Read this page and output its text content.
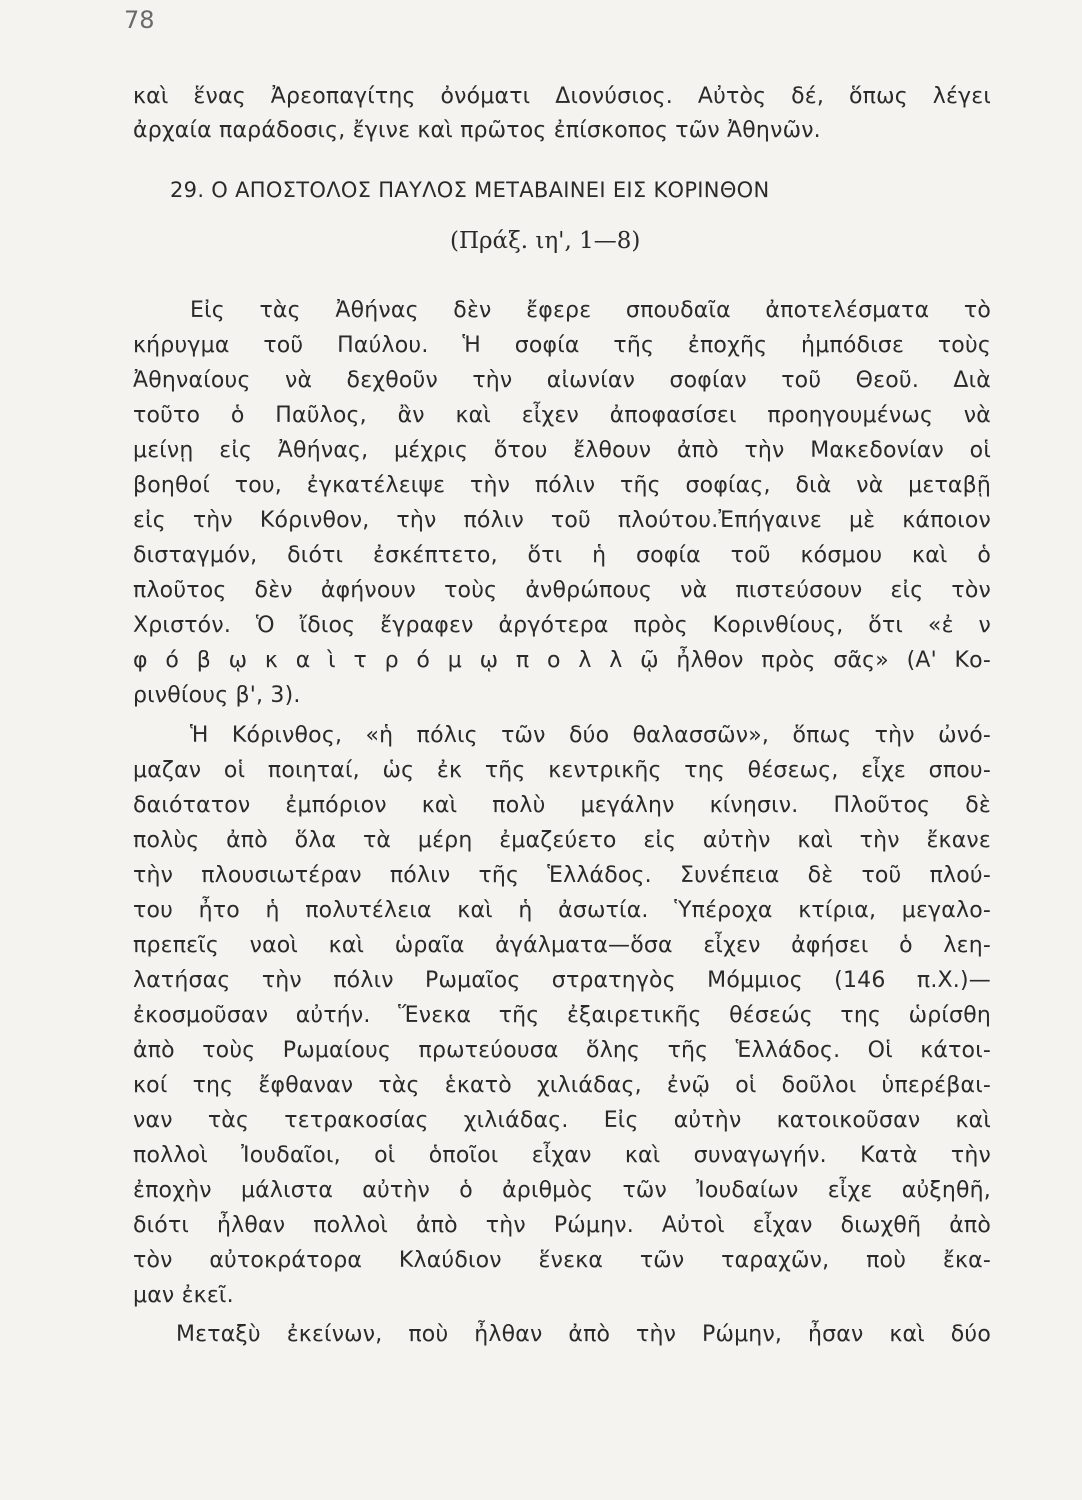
78
καὶ ἕνας Ἀρεοπαγίτης ὀνόματι Διονύσιος. Αὐτὸς δέ, ὅπως λέγει
ἀρχαία παράδοσις, ἔγινε καὶ πρῶτος ἐπίσκοπος τῶν Ἀθηνῶν.
29. Ο ΑΠΟΣΤΟΛΟΣ ΠΑΥΛΟΣ ΜΕΤΑΒΑΙΝΕΙ ΕΙΣ ΚΟΡΙΝΘΟΝ
(Πράξ. ιη', 1—8)
Εἰς τὰς Ἀθήνας δὲν ἔφερε σπουδαῖα ἀποτελέσματα τὸ
κήρυγμα τοῦ Παύλου. Ἡ σοφία τῆς ἐποχῆς ἠμπόδισε τοὺς
Ἀθηναίους νὰ δεχθοῦν τὴν αἰωνίαν σοφίαν τοῦ Θεοῦ. Διὰ
τοῦτο ὁ Παῦλος, ἂν καὶ εἶχεν ἀποφασίσει προηγουμένως νὰ
μείνῃ εἰς Ἀθήνας, μέχρις ὅτου ἔλθουν ἀπὸ τὴν Μακεδονίαν οἱ
βοηθοί του, ἐγκατέλειψε τὴν πόλιν τῆς σοφίας, διὰ νὰ μεταβῇ
εἰς τὴν Κόρινθον, τὴν πόλιν τοῦ πλούτου.Ἐπήγαινε μὲ κάποιον
δισταγμόν, διότι ἐσκέπτετο, ὅτι ἡ σοφία τοῦ κόσμου καὶ ὁ
πλοῦτος δὲν ἀφήνουν τοὺς ἀνθρώπους νὰ πιστεύσουν εἰς τὸν
Χριστόν. Ὁ ἴδιος ἔγραφεν ἀργότερα πρὸς Κορινθίους, ὅτι «ἐ ν
φ ό β ῳ κ α ὶ τ ρ ό μ ῳ π ο λ λ ῷ ἦλθον πρὸς σᾶς» (Α' Κο-
ρινθίους β', 3).
Ἡ Κόρινθος, «ἡ πόλις τῶν δύο θαλασσῶν», ὅπως τὴν ὠνό-
μαζαν οἱ ποιηταί, ὡς ἐκ τῆς κεντρικῆς της θέσεως, εἶχε σπου-
δαιότατον ἐμπόριον καὶ πολὺ μεγάλην κίνησιν. Πλοῦτος δὲ
πολὺς ἀπὸ ὅλα τὰ μέρη ἐμαζεύετο εἰς αὐτὴν καὶ τὴν ἔκανε
τὴν πλουσιωτέραν πόλιν τῆς Ἑλλάδος. Συνέπεια δὲ τοῦ πλού-
του ἦτο ἡ πολυτέλεια καὶ ἡ ἀσωτία. Ὑπέροχα κτίρια, μεγαλο-
πρεπεῖς ναοὶ καὶ ὡραῖα ἀγάλματα—ὅσα εἶχεν ἀφήσει ὁ λεη-
λατήσας τὴν πόλιν Ρωμαῖος στρατηγὸς Μόμμιος (146 π.Χ.)—
ἐκοσμοῦσαν αὐτήν. Ἕνεκα τῆς ἐξαιρετικῆς θέσεώς της ὡρίσθη
ἀπὸ τοὺς Ρωμαίους πρωτεύουσα ὅλης τῆς Ἑλλάδος. Οἱ κάτοι-
κοί της ἔφθαναν τὰς ἑκατὸ χιλιάδας, ἐνῷ οἱ δοῦλοι ὑπερέβαι-
ναν τὰς τετρακοσίας χιλιάδας. Εἰς αὐτὴν κατοικοῦσαν καὶ
πολλοὶ Ἰουδαῖοι, οἱ ὁποῖοι εἶχαν καὶ συναγωγήν. Κατὰ τὴν
ἐποχὴν μάλιστα αὐτὴν ὁ ἀριθμὸς τῶν Ἰουδαίων εἶχε αὐξηθῆ,
διότι ἦλθαν πολλοὶ ἀπὸ τὴν Ρώμην. Αὐτοὶ εἶχαν διωχθῆ ἀπὸ
τὸν αὐτοκράτορα Κλαύδιον ἕνεκα τῶν ταραχῶν, ποὺ ἔκα-
μαν ἐκεῖ.
Μεταξὺ ἐκείνων, ποὺ ἦλθαν ἀπὸ τὴν Ρώμην, ἦσαν καὶ δύο
